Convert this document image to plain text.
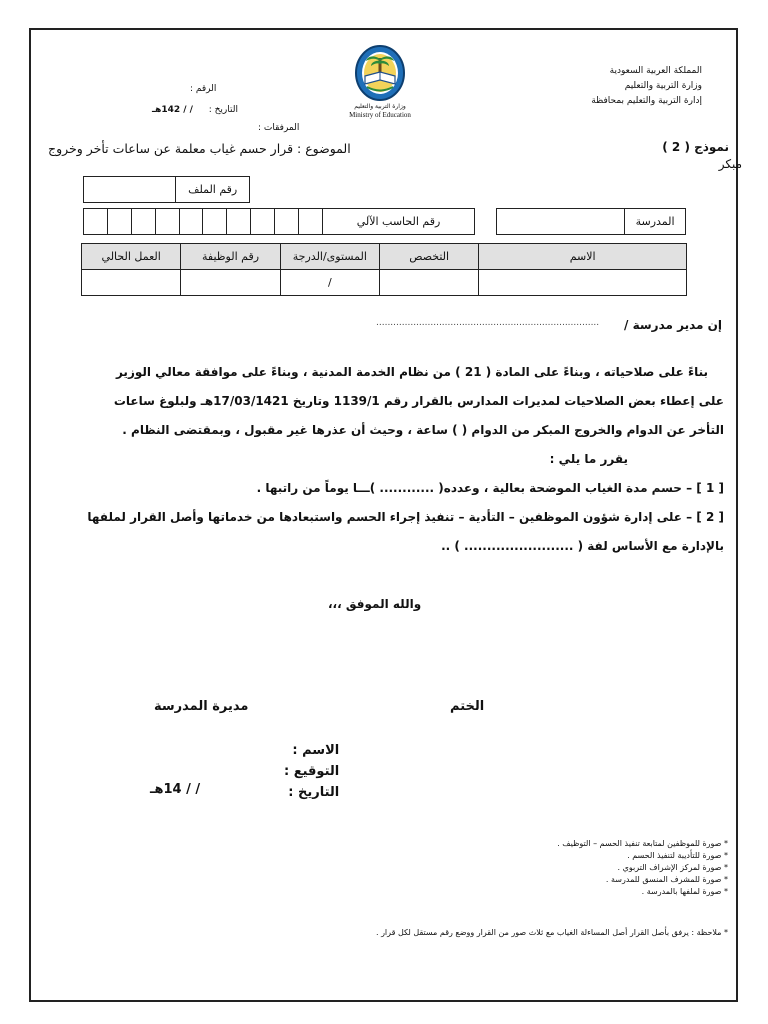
المملكة العربية السعودية
وزارة التربية والتعليم
إدارة التربية والتعليم بمحافظة
وزارة التربية والتعليم
Ministry of Education
الرقم :
التاريخ :  / / 142هـ
المرفقات :
نموذج ( 2 )
الموضوع : قرار حسم غياب معلمة عن ساعات تأخر وخروج
مبكر
	رقم الملف

رقم الحاسب الآلي
		المدرسة
الاسم	التخصص	المستوى/الدرجة	رقم الوظيفة	العمل الحالي
		/		
إن مدير مدرسة /
..............................................................................
بناءً على صلاحياته ، وبناءً على المادة ( 21 ) من نظام الخدمة المدنية ، وبناءً على موافقة معالي الوزير
على إعطاء بعض الصلاحيات لمديرات المدارس بالقرار رقم 1139/1 وتاريخ 17/03/1421هـ ولبلوغ ساعات
التأخر عن الدوام والخروج المبكر من الدوام ( ) ساعة ، وحيث أن عذرها غير مقبول ، وبمقتضى النظام .
يقرر ما يلي :
[ 1 ] – حسم مدة الغياب الموضحة بعالية ، وعدده( ............ )ـــا يوماً من راتبها .
[ 2 ] – على إدارة شؤون الموظفين – التأدية – تنفيذ إجراء الحسم واستبعادها من خدماتها وأصل القرار لملفها
بالإدارة مع الأساس لفة ( ........................ ) ..
والله الموفق ،،،
الختم
مديرة المدرسة
الاسم :
التوقيع :
التاريخ :
/ / 14هـ
* صورة للموظفين لمتابعة تنفيذ الحسم – التوظيف .
* صورة للتأديبة لتنفيذ الحسم .
* صورة لمركز الإشراف التربوي .
* صورة للمشرف المنسق للمدرسة .
* صورة لملفها بالمدرسة .
* ملاحظة : يرفق بأصل القرار أصل المساءلة الغياب مع ثلاث صور من القرار ووضع رقم مستقل لكل قرار .
